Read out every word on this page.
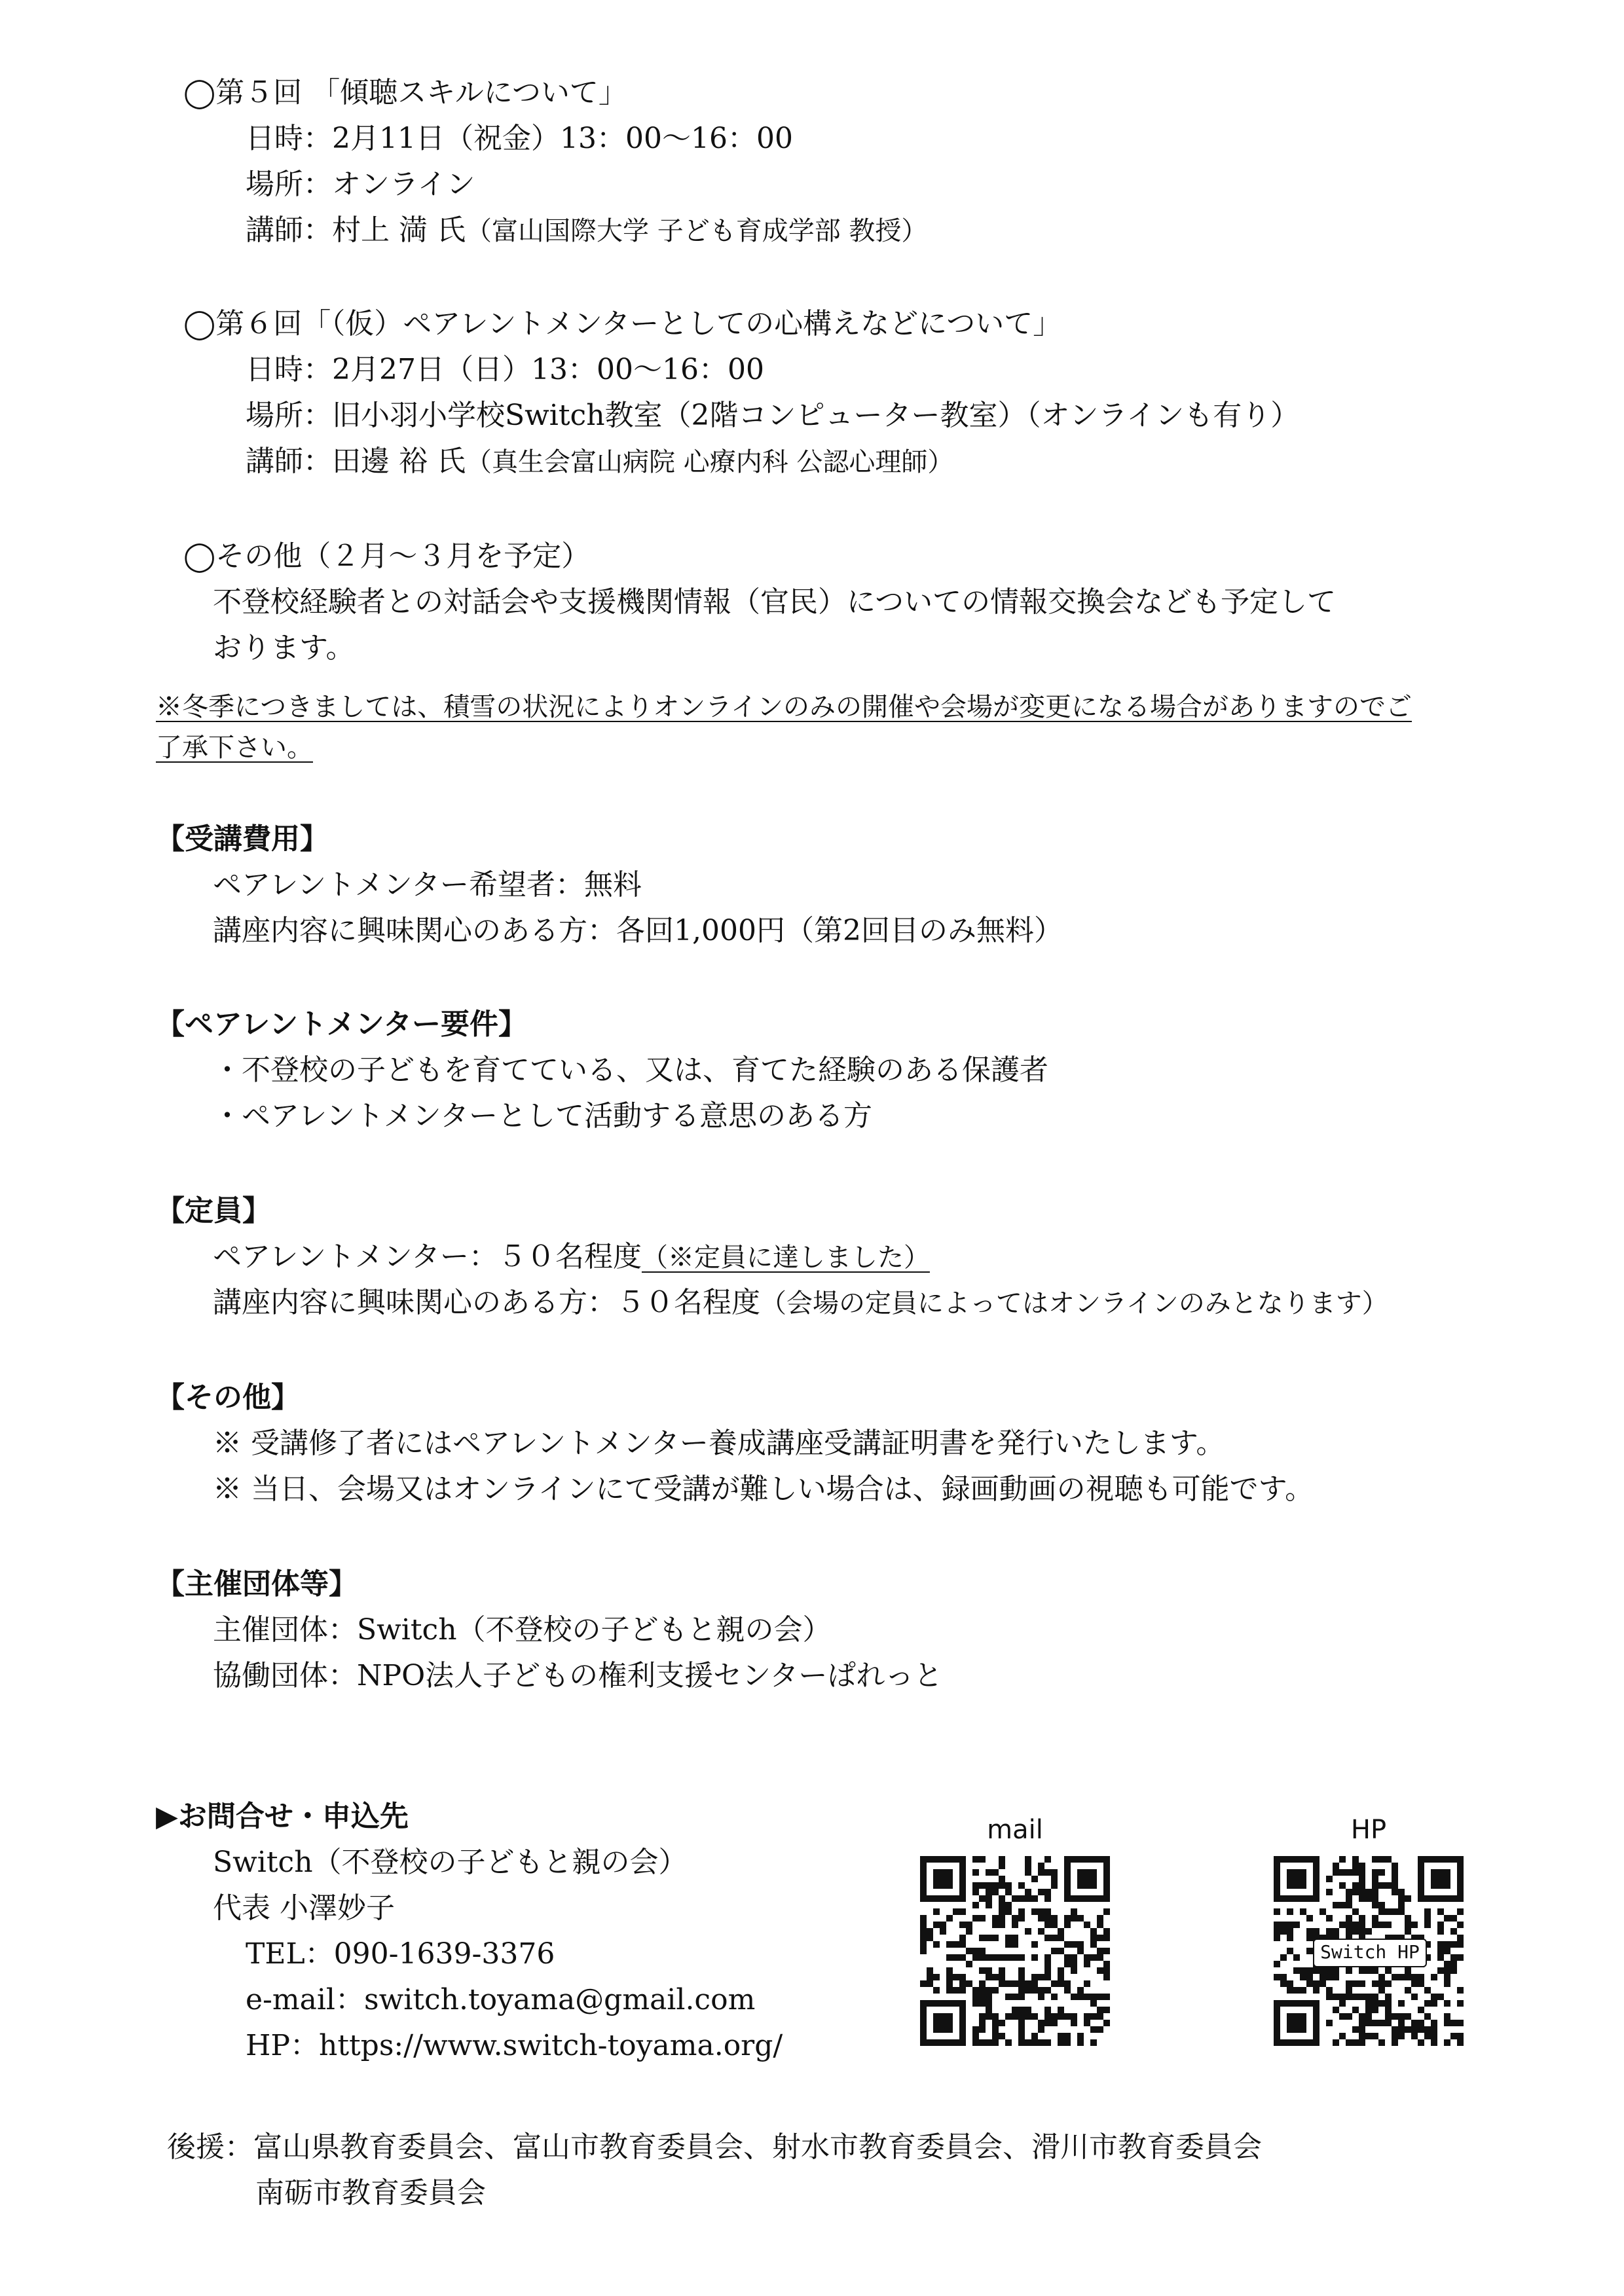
◯第５回 「傾聴スキルについて」
日時：2月11日（祝金）13：00〜16：00
場所：オンライン
講師：村上 満 氏（富山国際大学 子ども育成学部 教授）
◯第６回「（仮）ペアレントメンターとしての心構えなどについて」
日時：2月27日（日）13：00〜16：00
場所：旧小羽小学校Switch教室（2階コンピューター教室）（オンラインも有り）
講師：田邊 裕 氏（真生会富山病院 心療内科 公認心理師）
◯その他（２月〜３月を予定）
不登校経験者との対話会や支援機関情報（官民）についての情報交換会なども予定して
おります。
※冬季につきましては、積雪の状況によりオンラインのみの開催や会場が変更になる場合がありますのでご
了承下さい。
【受講費用】
ペアレントメンター希望者：無料
講座内容に興味関心のある方：各回1,000円（第2回目のみ無料）
【ペアレントメンター要件】
・不登校の子どもを育てている、又は、育てた経験のある保護者
・ペアレントメンターとして活動する意思のある方
【定員】
ペアレントメンター：５０名程度（※定員に達しました）
講座内容に興味関心のある方：５０名程度（会場の定員によってはオンラインのみとなります）
【その他】
※ 受講修了者にはペアレントメンター養成講座受講証明書を発行いたします。
※ 当日、会場又はオンラインにて受講が難しい場合は、録画動画の視聴も可能です。
【主催団体等】
主催団体：Switch（不登校の子どもと親の会）
協働団体：NPO法人子どもの権利支援センターぱれっと
▶お問合せ・申込先
Switch（不登校の子どもと親の会）
代表 小澤妙子
TEL：090-1639-3376
e-mail：switch.toyama@gmail.com
HP：https://www.switch-toyama.org/
mail	HP
Switch HP
後援：富山県教育委員会、富山市教育委員会、射水市教育委員会、滑川市教育委員会
南砺市教育委員会
